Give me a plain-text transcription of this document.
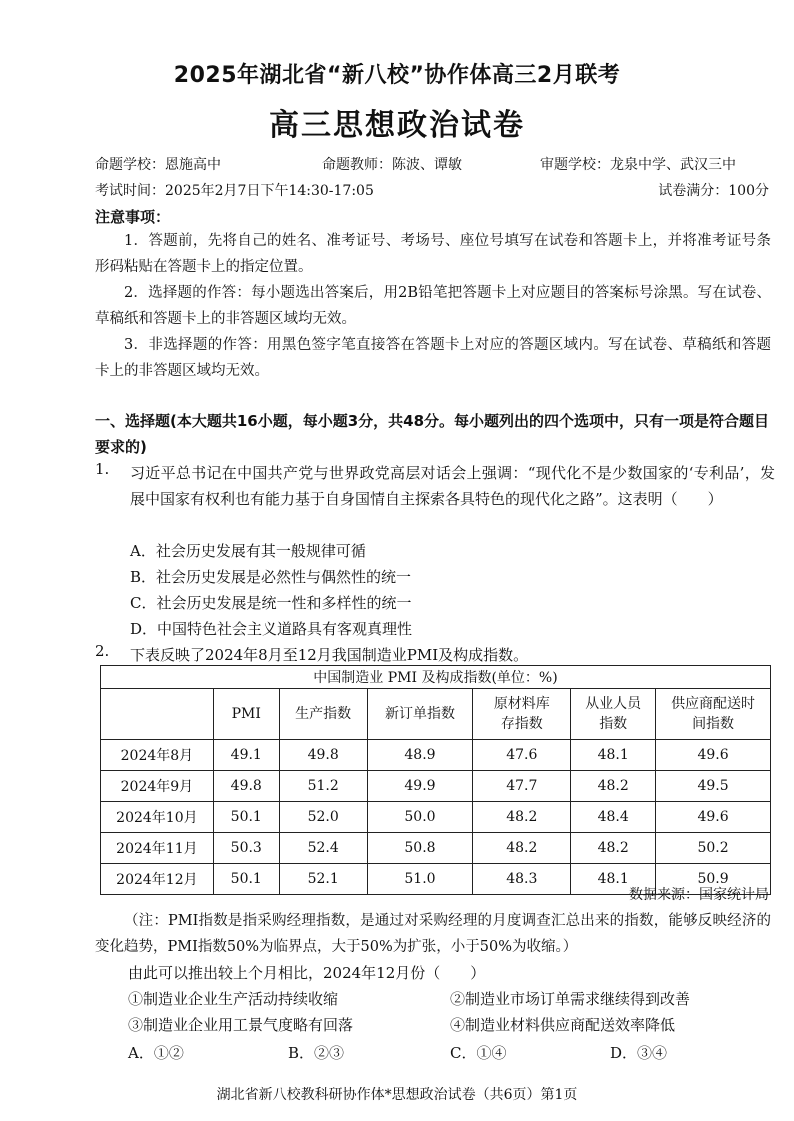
2025年湖北省“新八校”协作体高三2月联考
高三思想政治试卷
命题学校：恩施高中	命题教师：陈波、谭敏	审题学校：龙泉中学、武汉三中
考试时间：2025年2月7日下午14:30-17:05	试卷满分：100分
注意事项：
1．答题前，先将自己的姓名、准考证号、考场号、座位号填写在试卷和答题卡上，并将准考证号条形码粘贴在答题卡上的指定位置。
2．选择题的作答：每小题选出答案后，用2B铅笔把答题卡上对应题目的答案标号涂黑。写在试卷、草稿纸和答题卡上的非答题区域均无效。
3．非选择题的作答：用黑色签字笔直接答在答题卡上对应的答题区域内。写在试卷、草稿纸和答题卡上的非答题区域均无效。
一、选择题(本大题共16小题，每小题3分，共48分。每小题列出的四个选项中，只有一项是符合题目要求的)
1. 习近平总书记在中国共产党与世界政党高层对话会上强调：“现代化不是少数国家的‘专利品’，发展中国家有权利也有能力基于自身国情自主探索各具特色的现代化之路”。这表明（　　）
A．社会历史发展有其一般规律可循
B．社会历史发展是必然性与偶然性的统一
C．社会历史发展是统一性和多样性的统一
D．中国特色社会主义道路具有客观真理性
2. 下表反映了2024年8月至12月我国制造业PMI及构成指数。
中国制造业 PMI 及构成指数(单位：%)						
	PMI	生产指数	新订单指数	原材料库存指数	从业人员指数	供应商配送时间指数
2024年8月	49.1	49.8	48.9	47.6	48.1	49.6
2024年9月	49.8	51.2	49.9	47.7	48.2	49.5
2024年10月	50.1	52.0	50.0	48.2	48.4	49.6
2024年11月	50.3	52.4	50.8	48.2	48.2	50.2
2024年12月	50.1	52.1	51.0	48.3	48.1	50.9
数据来源：国家统计局
（注：PMI指数是指采购经理指数，是通过对采购经理的月度调查汇总出来的指数，能够反映经济的变化趋势，PMI指数50%为临界点，大于50%为扩张，小于50%为收缩。）
由此可以推出较上个月相比，2024年12月份（　　）
①制造业企业生产活动持续收缩	②制造业市场订单需求继续得到改善
③制造业企业用工景气度略有回落	④制造业材料供应商配送效率降低
A．①②	B．②③	C．①④	D．③④
湖北省新八校教科研协作体*思想政治试卷（共6页）第1页
